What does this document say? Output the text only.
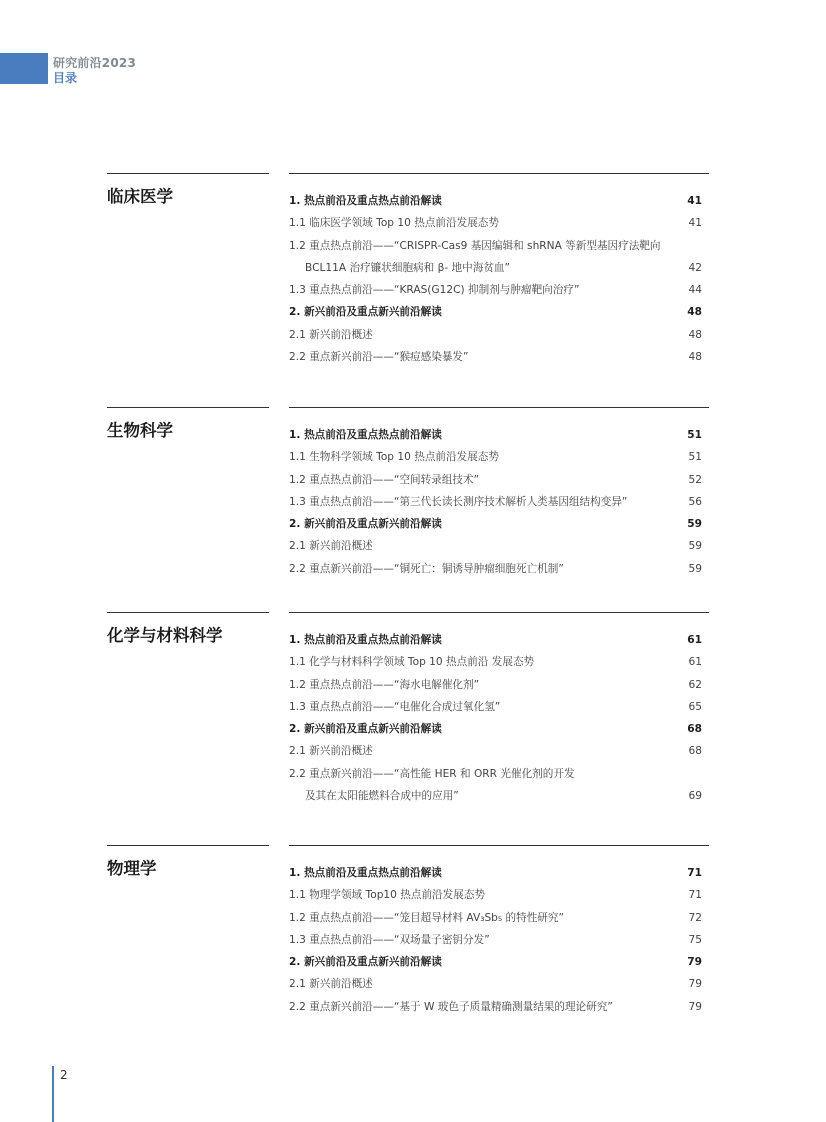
研究前沿2023
目录
临床医学	1. 热点前沿及重点热点前沿解读	41
1.1 临床医学领域 Top 10 热点前沿发展态势	41
1.2 重点热点前沿——“CRISPR-Cas9 基因编辑和 shRNA 等新型基因疗法靶向
BCL11A 治疗镰状细胞病和 β- 地中海贫血”	42
1.3 重点热点前沿——“KRAS(G12C) 抑制剂与肿瘤靶向治疗”	44
2. 新兴前沿及重点新兴前沿解读	48
2.1 新兴前沿概述	48
2.2 重点新兴前沿——“猴痘感染暴发”	48
生物科学	1. 热点前沿及重点热点前沿解读	51
1.1 生物科学领域 Top 10 热点前沿发展态势	51
1.2 重点热点前沿——“空间转录组技术”	52
1.3 重点热点前沿——“第三代长读长测序技术解析人类基因组结构变异”	56
2. 新兴前沿及重点新兴前沿解读	59
2.1 新兴前沿概述	59
2.2 重点新兴前沿——“铜死亡：铜诱导肿瘤细胞死亡机制”	59
化学与材料科学	1. 热点前沿及重点热点前沿解读	61
1.1 化学与材料科学领域 Top 10 热点前沿 发展态势	61
1.2 重点热点前沿——“海水电解催化剂”	62
1.3 重点热点前沿——“电催化合成过氧化氢”	65
2. 新兴前沿及重点新兴前沿解读	68
2.1 新兴前沿概述	68
2.2 重点新兴前沿——“高性能 HER 和 ORR 光催化剂的开发
及其在太阳能燃料合成中的应用”	69
物理学	1. 热点前沿及重点热点前沿解读	71
1.1 物理学领域 Top10 热点前沿发展态势	71
1.2 重点热点前沿——“笼目超导材料 AV₃Sb₅ 的特性研究”	72
1.3 重点热点前沿——“双场量子密钥分发”	75
2. 新兴前沿及重点新兴前沿解读	79
2.1 新兴前沿概述	79
2.2 重点新兴前沿——“基于 W 玻色子质量精确测量结果的理论研究”	79
2
